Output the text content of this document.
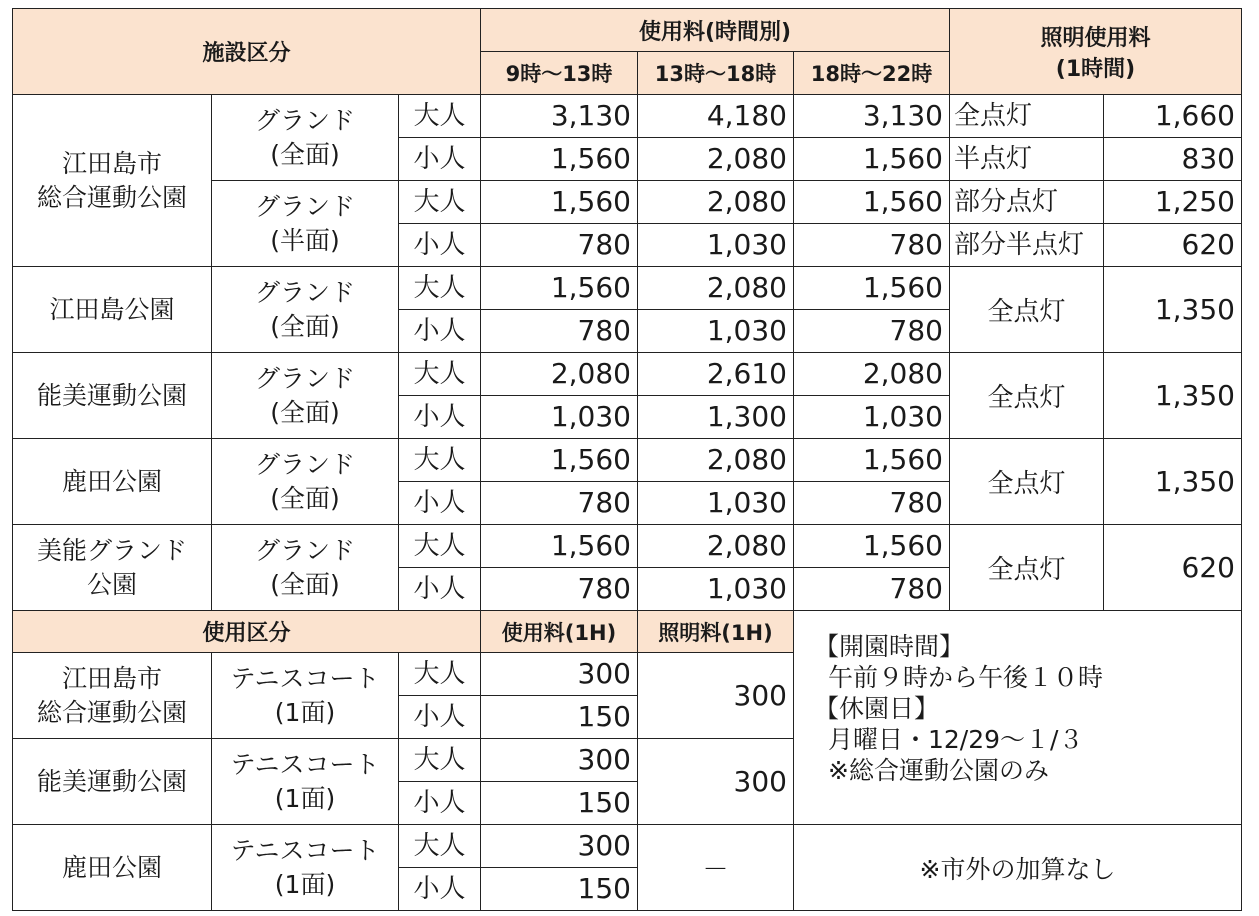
施設区分			使用料(時間別)			照明使用料
(1時間)	

			9時～13時	13時～18時	18時～22時		

江田島市
総合運動公園	グランド
(全面)	大人	3,130	4,180	3,130	全点灯	1,660
		小人	1,560	2,080	1,560	半点灯	830

	グランド
(半面)	大人	1,560	2,080	1,560	部分点灯	1,250
		小人	780	1,030	780	部分半点灯	620
江田島公園	グランド
(全面)	大人	1,560	2,080	1,560	全点灯	1,350
		小人	780	1,030	780		
能美運動公園	グランド
(全面)	大人	2,080	2,610	2,080	全点灯	1,350
		小人	1,030	1,300	1,030		
鹿田公園	グランド
(全面)	大人	1,560	2,080	1,560	全点灯	1,350
		小人	780	1,030	780		

美能グランド
公園	グランド
(全面)	大人	1,560	2,080	1,560	全点灯	620
		小人	780	1,030	780		
使用区分			使用料(1H)	照明料(1H)	【開園時間】
午前９時から午後１０時
【休園日】
月曜日・12/29～１/３
※総合運動公園のみ		

江田島市
総合運動公園	テニスコート
(1面)	大人	300	300			
		小人	150				
能美運動公園	テニスコート
(1面)	大人	300	300			
		小人	150				
鹿田公園	テニスコート
(1面)	大人	300	－	※市外の加算なし		
		小人	150				
